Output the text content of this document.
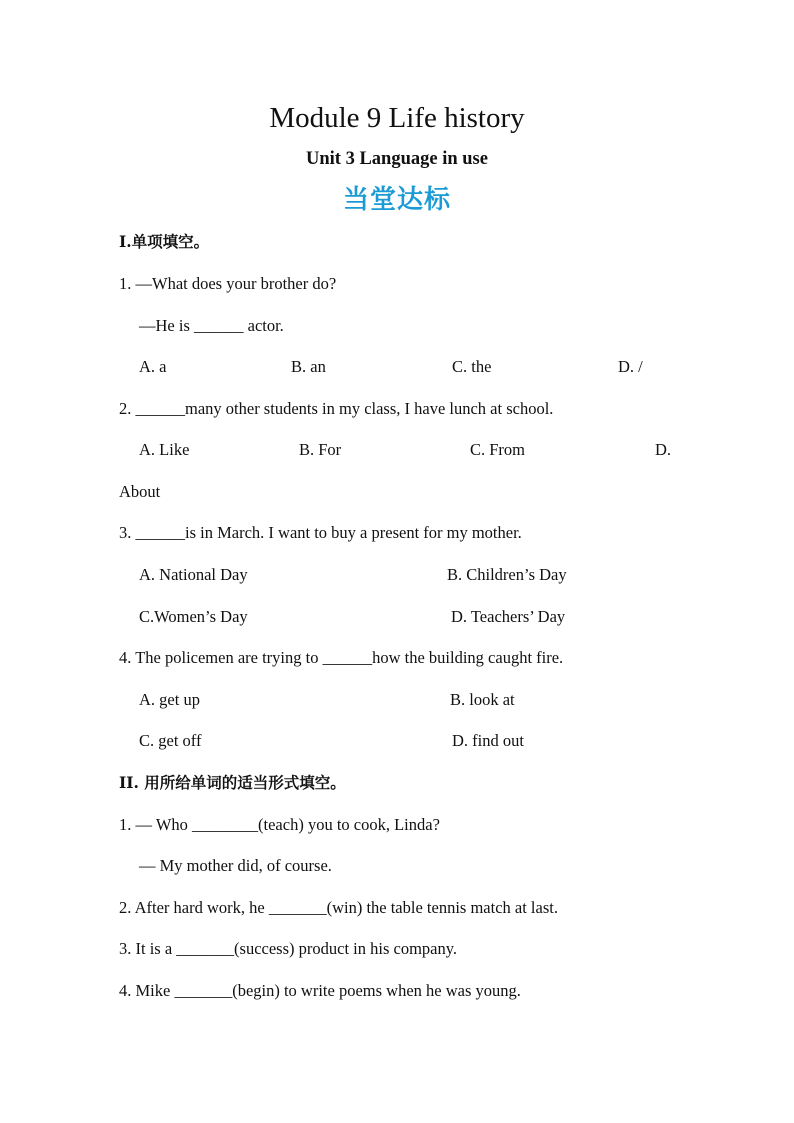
Module 9 Life history
Unit 3 Language in use
当堂达标
I.单项填空。
1. —What does your brother do?
—He is ______ actor.
A. a	B. an	C. the	D. /
2. ______many other students in my class, I have lunch at school.
A. Like	B. For	C. From	D.
About
3. ______is in March. I want to buy a present for my mother.
A. National Day	B. Children’s Day
C.Women’s Day	D. Teachers’ Day
4. The policemen are trying to ______how the building caught fire.
A. get up	B. look at
C. get off	D. find out
II. 用所给单词的适当形式填空。
1. — Who ________(teach) you to cook, Linda?
— My mother did, of course.
2. After hard work, he _______(win) the table tennis match at last.
3. It is a _______(success) product in his company.
4. Mike _______(begin) to write poems when he was young.
